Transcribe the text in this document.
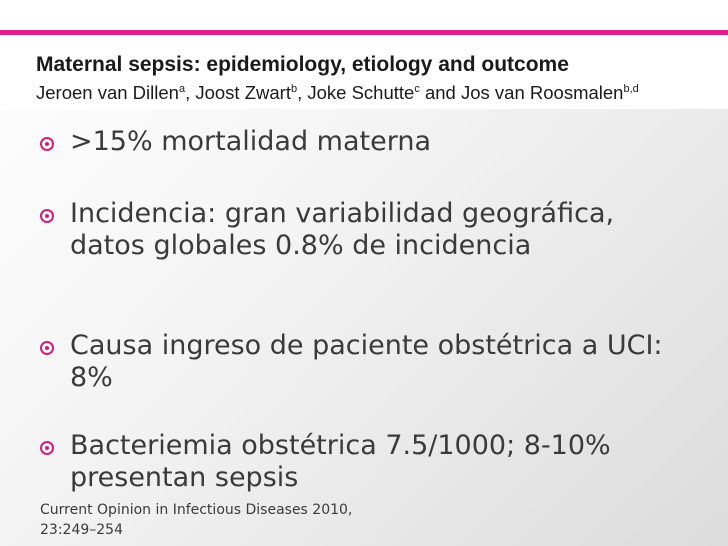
Maternal sepsis: epidemiology, etiology and outcome

Jeroen van Dillen$^a$, Joost Zwart$^b$, Joke Schutte$^c$ and Jos van Roosmalen$^{b,d}$

>15% mortalidad materna
Incidencia: gran variabilidad geográfica, datos globales 0.8% de incidencia
Causa ingreso de paciente obstétrica a UCI: 8%
Bacteriemia obstétrica 7.5/1000; 8-10% presentan sepsis
Current Opinion in Infectious Diseases 2010,
23:249–254
